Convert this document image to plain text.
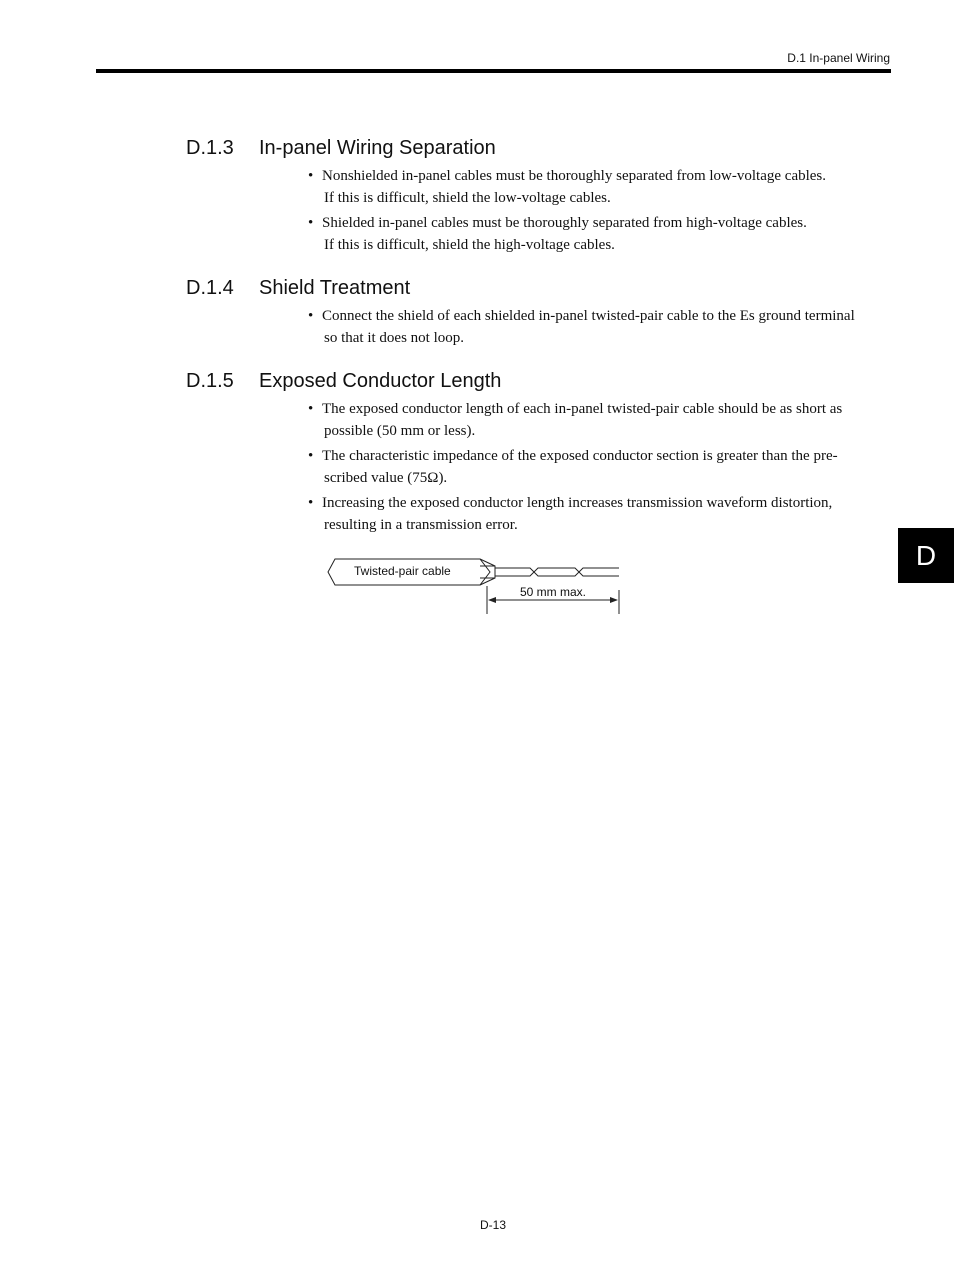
D.1 In-panel Wiring
D.1.3 In-panel Wiring Separation
• Nonshielded in-panel cables must be thoroughly separated from low-voltage cables.
If this is difficult, shield the low-voltage cables.
• Shielded in-panel cables must be thoroughly separated from high-voltage cables.
If this is difficult, shield the high-voltage cables.
D.1.4 Shield Treatment
• Connect the shield of each shielded in-panel twisted-pair cable to the Es ground terminal
so that it does not loop.
D.1.5 Exposed Conductor Length
• The exposed conductor length of each in-panel twisted-pair cable should be as short as
possible (50 mm or less).
• The characteristic impedance of the exposed conductor section is greater than the pre-
scribed value (75Ω).
• Increasing the exposed conductor length increases transmission waveform distortion,
resulting in a transmission error.
Twisted-pair cable
50 mm max.
D
D-13
